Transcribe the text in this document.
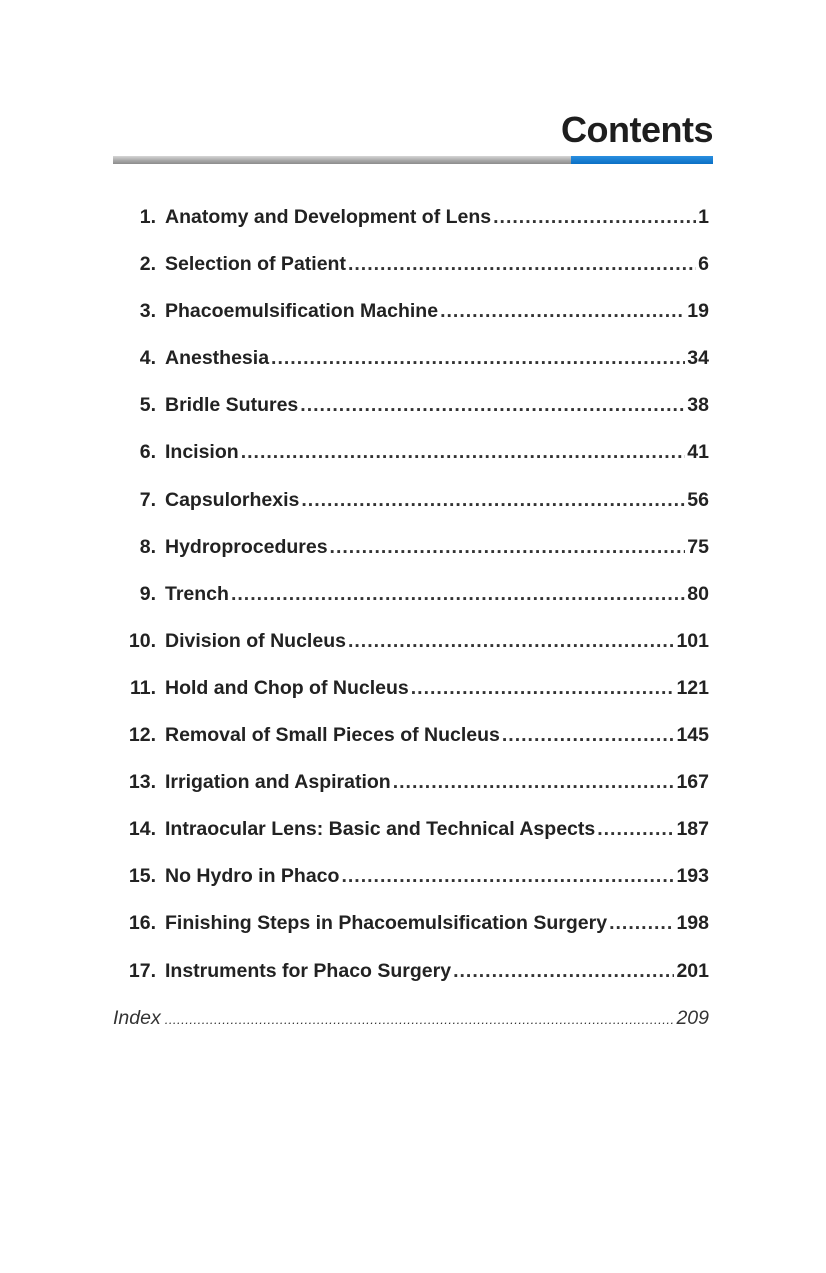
Contents
1. Anatomy and Development of Lens .....	1
2. Selection of Patient .....	6
3. Phacoemulsification Machine .....	19
4. Anesthesia .....	34
5. Bridle Sutures .....	38
6. Incision .....	41
7. Capsulorhexis .....	56
8. Hydroprocedures .....	75
9. Trench .....	80
10. Division of Nucleus .....	101
11. Hold and Chop of Nucleus .....	121
12. Removal of Small Pieces of Nucleus .....	145
13. Irrigation and Aspiration .....	167
14. Intraocular Lens: Basic and Technical Aspects .....	187
15. No Hydro in Phaco .....	193
16. Finishing Steps in Phacoemulsification Surgery .....	198
17. Instruments for Phaco Surgery .....	201
Index .....	209
